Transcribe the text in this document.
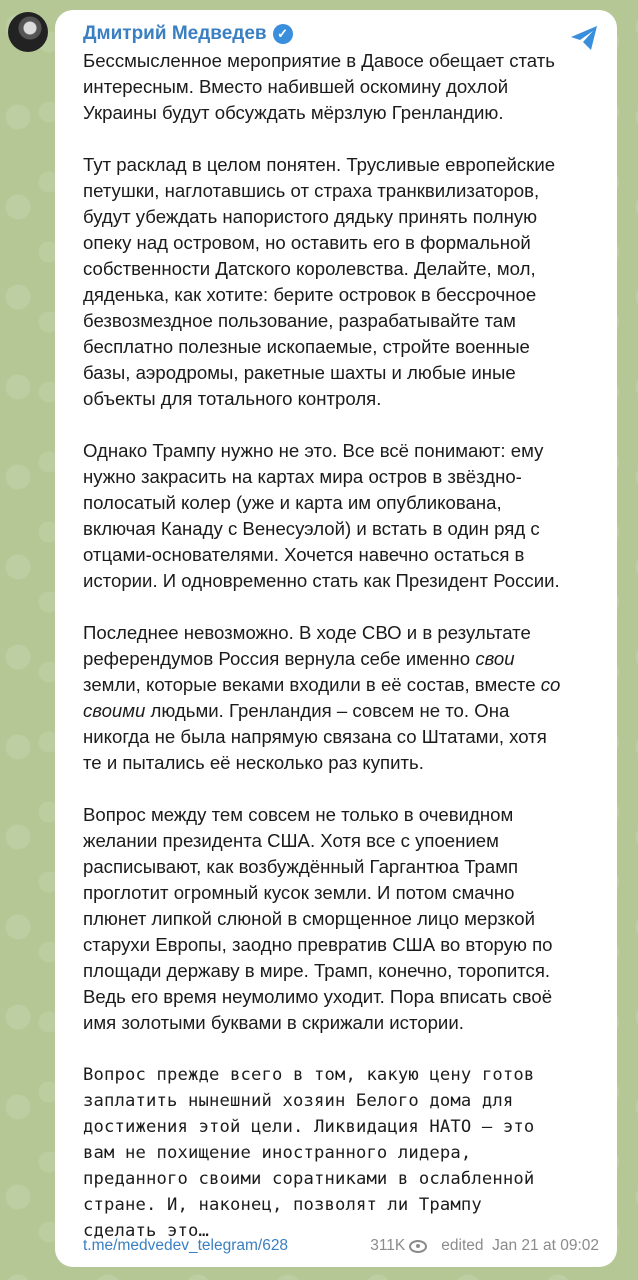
Дмитрий Медведев ✓
Бессмысленное мероприятие в Давосе обещает стать
интересным. Вместо набившей оскомину дохлой
Украины будут обсуждать мёрзлую Гренландию.
Тут расклад в целом понятен. Трусливые европейские
петушки, наглотавшись от страха транквилизаторов,
будут убеждать напористого дядьку принять полную
опеку над островом, но оставить его в формальной
собственности Датского королевства. Делайте, мол,
дяденька, как хотите: берите островок в бессрочное
безвозмездное пользование, разрабатывайте там
бесплатно полезные ископаемые, стройте военные
базы, аэродромы, ракетные шахты и любые иные
объекты для тотального контроля.
Однако Трампу нужно не это. Все всё понимают: ему
нужно закрасить на картах мира остров в звёздно-
полосатый колер (уже и карта им опубликована,
включая Канаду с Венесуэлой) и встать в один ряд с
отцами-основателями. Хочется навечно остаться в
истории. И одновременно стать как Президент России.
Последнее невозможно. В ходе СВО и в результате
референдумов Россия вернула себе именно свои
земли, которые веками входили в её состав, вместе со
своими людьми. Гренландия – совсем не то. Она
никогда не была напрямую связана со Штатами, хотя
те и пытались её несколько раз купить.
Вопрос между тем совсем не только в очевидном
желании президента США. Хотя все с упоением
расписывают, как возбуждённый Гаргантюа Трамп
проглотит огромный кусок земли. И потом смачно
плюнет липкой слюной в сморщенное лицо мерзкой
старухи Европы, заодно превратив США во вторую по
площади державу в мире. Трамп, конечно, торопится.
Ведь его время неумолимо уходит. Пора вписать своё
имя золотыми буквами в скрижали истории.
Вопрос прежде всего в том, какую цену готов
заплатить нынешний хозяин Белого дома для
достижения этой цели. Ликвидация НАТО – это
вам не похищение иностранного лидера,
преданного своими соратниками в ослабленной
стране. И, наконец, позволят ли Трампу
сделать это…
t.me/medvedev_telegram/628	311K edited  Jan 21 at 09:02
